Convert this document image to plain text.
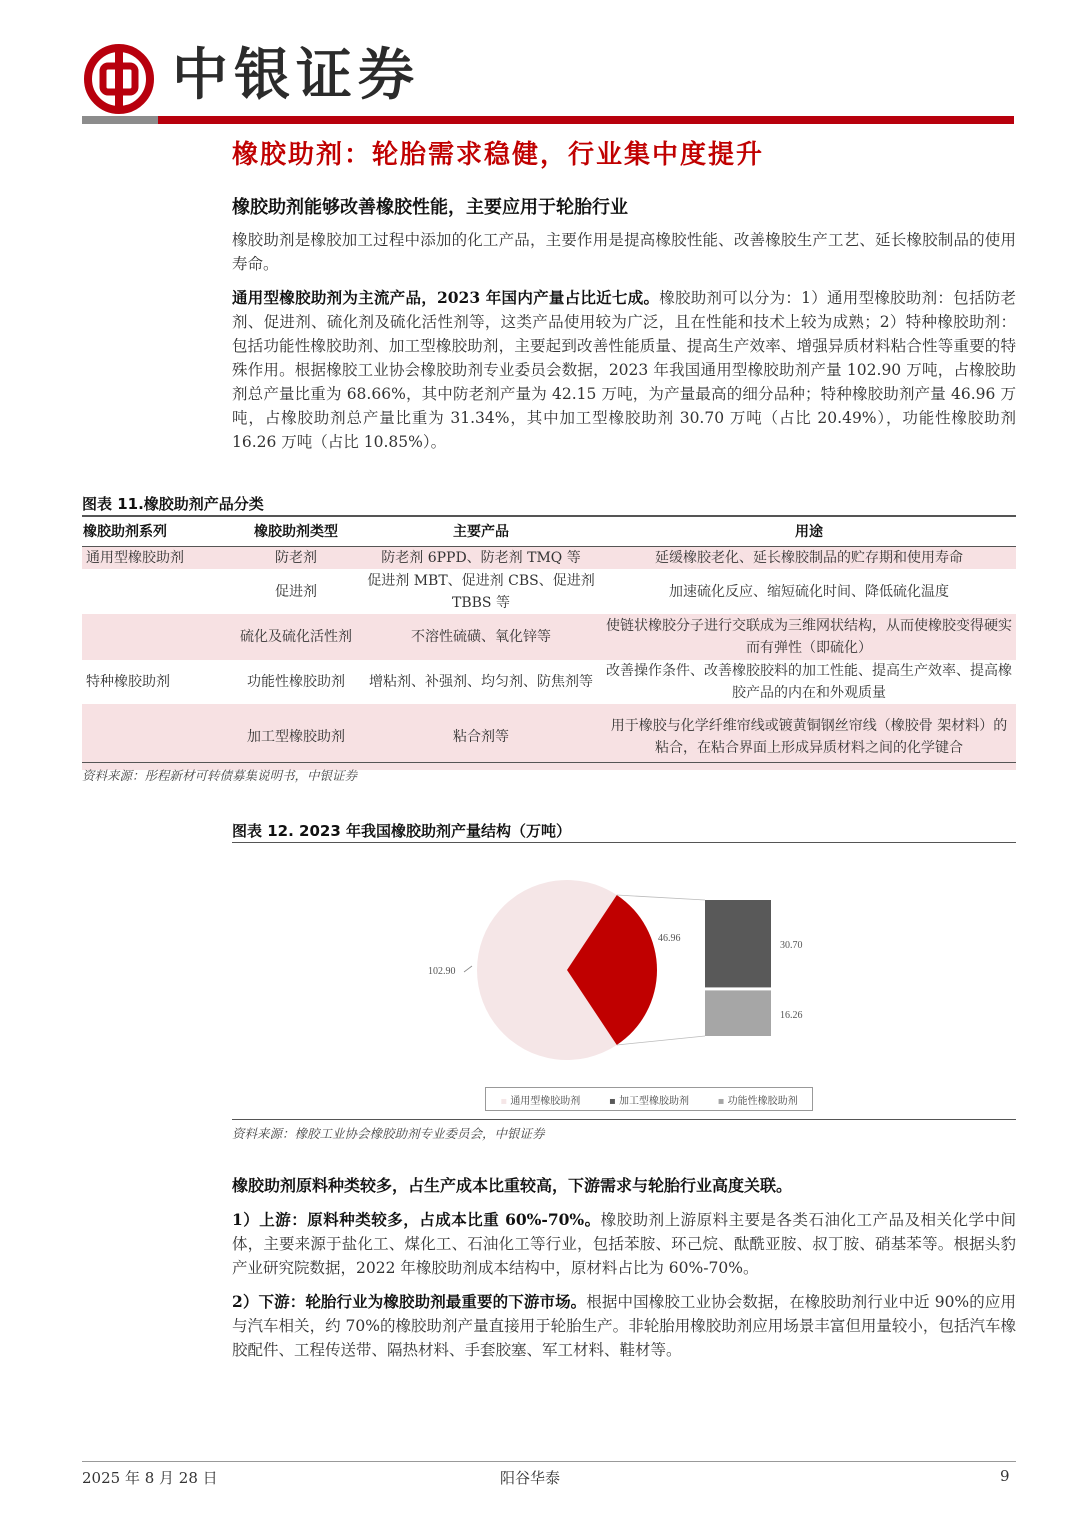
中银证券
橡胶助剂：轮胎需求稳健，行业集中度提升
橡胶助剂能够改善橡胶性能，主要应用于轮胎行业
橡胶助剂是橡胶加工过程中添加的化工产品，主要作用是提高橡胶性能、改善橡胶生产工艺、延长橡胶制品的使用寿命。
通用型橡胶助剂为主流产品，2023 年国内产量占比近七成。橡胶助剂可以分为：1）通用型橡胶助剂：包括防老剂、促进剂、硫化剂及硫化活性剂等，这类产品使用较为广泛，且在性能和技术上较为成熟；2）特种橡胶助剂：包括功能性橡胶助剂、加工型橡胶助剂，主要起到改善性能质量、提高生产效率、增强异质材料粘合性等重要的特殊作用。根据橡胶工业协会橡胶助剂专业委员会数据，2023 年我国通用型橡胶助剂产量 102.90 万吨，占橡胶助剂总产量比重为 68.66%，其中防老剂产量为 42.15 万吨，为产量最高的细分品种；特种橡胶助剂产量 46.96 万吨，占橡胶助剂总产量比重为 31.34%，其中加工型橡胶助剂 30.70 万吨（占比 20.49%），功能性橡胶助剂 16.26 万吨（占比 10.85%）。
图表 11.橡胶助剂产品分类
橡胶助剂系列	橡胶助剂类型	主要产品	用途
通用型橡胶助剂	防老剂	防老剂 6PPD、防老剂 TMQ 等	延缓橡胶老化、延长橡胶制品的贮存期和使用寿命
	促进剂	促进剂 MBT、促进剂 CBS、促进剂 TBBS 等	加速硫化反应、缩短硫化时间、降低硫化温度
	硫化及硫化活性剂	不溶性硫磺、氧化锌等	使链状橡胶分子进行交联成为三维网状结构，从而使橡胶变得硬实而有弹性（即硫化）
特种橡胶助剂	功能性橡胶助剂	增粘剂、补强剂、均匀剂、防焦剂等	改善操作条件、改善橡胶胶料的加工性能、提高生产效率、提高橡胶产品的内在和外观质量
	加工型橡胶助剂	粘合剂等	用于橡胶与化学纤维帘线或镀黄铜钢丝帘线（橡胶骨 架材料）的粘合，在粘合界面上形成异质材料之间的化学键合
资料来源：彤程新材可转债募集说明书，中银证券
图表 12. 2023 年我国橡胶助剂产量结构（万吨）
102.90
46.96
30.70
16.26
▪ 通用型橡胶助剂	▪ 加工型橡胶助剂	▪ 功能性橡胶助剂
资料来源：橡胶工业协会橡胶助剂专业委员会，中银证券
橡胶助剂原料种类较多，占生产成本比重较高，下游需求与轮胎行业高度关联。
1）上游：原料种类较多，占成本比重 60%-70%。橡胶助剂上游原料主要是各类石油化工产品及相关化学中间体，主要来源于盐化工、煤化工、石油化工等行业，包括苯胺、环己烷、酞酰亚胺、叔丁胺、硝基苯等。根据头豹产业研究院数据，2022 年橡胶助剂成本结构中，原材料占比为 60%-70%。
2）下游：轮胎行业为橡胶助剂最重要的下游市场。根据中国橡胶工业协会数据，在橡胶助剂行业中近 90%的应用与汽车相关，约 70%的橡胶助剂产量直接用于轮胎生产。非轮胎用橡胶助剂应用场景丰富但用量较小，包括汽车橡胶配件、工程传送带、隔热材料、手套胶塞、军工材料、鞋材等。
2025 年 8 月 28 日	阳谷华泰	9
